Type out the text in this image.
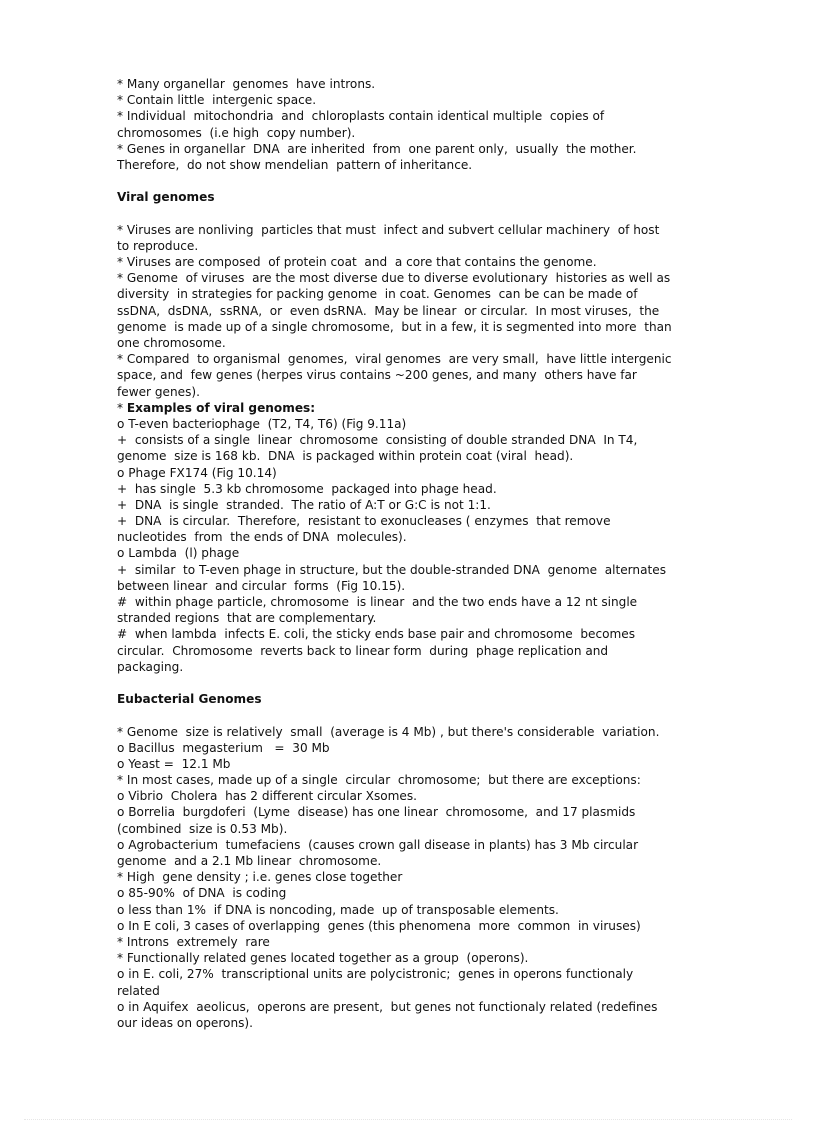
* Many organellar  genomes  have introns.
* Contain little  intergenic space.
* Individual  mitochondria  and  chloroplasts contain identical multiple  copies of
chromosomes  (i.e high  copy number).
* Genes in organellar  DNA  are inherited  from  one parent only,  usually  the mother.
Therefore,  do not show mendelian  pattern of inheritance.
Viral genomes
* Viruses are nonliving  particles that must  infect and subvert cellular machinery  of host
to reproduce.
* Viruses are composed  of protein coat  and  a core that contains the genome.
* Genome  of viruses  are the most diverse due to diverse evolutionary  histories as well as
diversity  in strategies for packing genome  in coat. Genomes  can be can be made of
ssDNA,  dsDNA,  ssRNA,  or  even dsRNA.  May be linear  or circular.  In most viruses,  the
genome  is made up of a single chromosome,  but in a few, it is segmented into more  than
one chromosome.
* Compared  to organismal  genomes,  viral genomes  are very small,  have little intergenic
space, and  few genes (herpes virus contains ~200 genes, and many  others have far
fewer genes).
* Examples of viral genomes:
o T-even bacteriophage  (T2, T4, T6) (Fig 9.11a)
+  consists of a single  linear  chromosome  consisting of double stranded DNA  In T4,
genome  size is 168 kb.  DNA  is packaged within protein coat (viral  head).
o Phage FX174 (Fig 10.14)
+  has single  5.3 kb chromosome  packaged into phage head.
+  DNA  is single  stranded.  The ratio of A:T or G:C is not 1:1.
+  DNA  is circular.  Therefore,  resistant to exonucleases ( enzymes  that remove
nucleotides  from  the ends of DNA  molecules).
o Lambda  (l) phage
+  similar  to T-even phage in structure, but the double-stranded DNA  genome  alternates
between linear  and circular  forms  (Fig 10.15).
#  within phage particle, chromosome  is linear  and the two ends have a 12 nt single
stranded regions  that are complementary.
#  when lambda  infects E. coli, the sticky ends base pair and chromosome  becomes
circular.  Chromosome  reverts back to linear form  during  phage replication and
packaging.
Eubacterial Genomes
* Genome  size is relatively  small  (average is 4 Mb) , but there's considerable  variation.
o Bacillus  megasterium   =  30 Mb
o Yeast =  12.1 Mb
* In most cases, made up of a single  circular  chromosome;  but there are exceptions:
o Vibrio  Cholera  has 2 different circular Xsomes.
o Borrelia  burgdoferi  (Lyme  disease) has one linear  chromosome,  and 17 plasmids
(combined  size is 0.53 Mb).
o Agrobacterium  tumefaciens  (causes crown gall disease in plants) has 3 Mb circular
genome  and a 2.1 Mb linear  chromosome.
* High  gene density ; i.e. genes close together
o 85-90%  of DNA  is coding
o less than 1%  if DNA is noncoding, made  up of transposable elements.
o In E coli, 3 cases of overlapping  genes (this phenomena  more  common  in viruses)
* Introns  extremely  rare
* Functionally related genes located together as a group  (operons).
o in E. coli, 27%  transcriptional units are polycistronic;  genes in operons functionaly
related
o in Aquifex  aeolicus,  operons are present,  but genes not functionaly related (redefines
our ideas on operons).
